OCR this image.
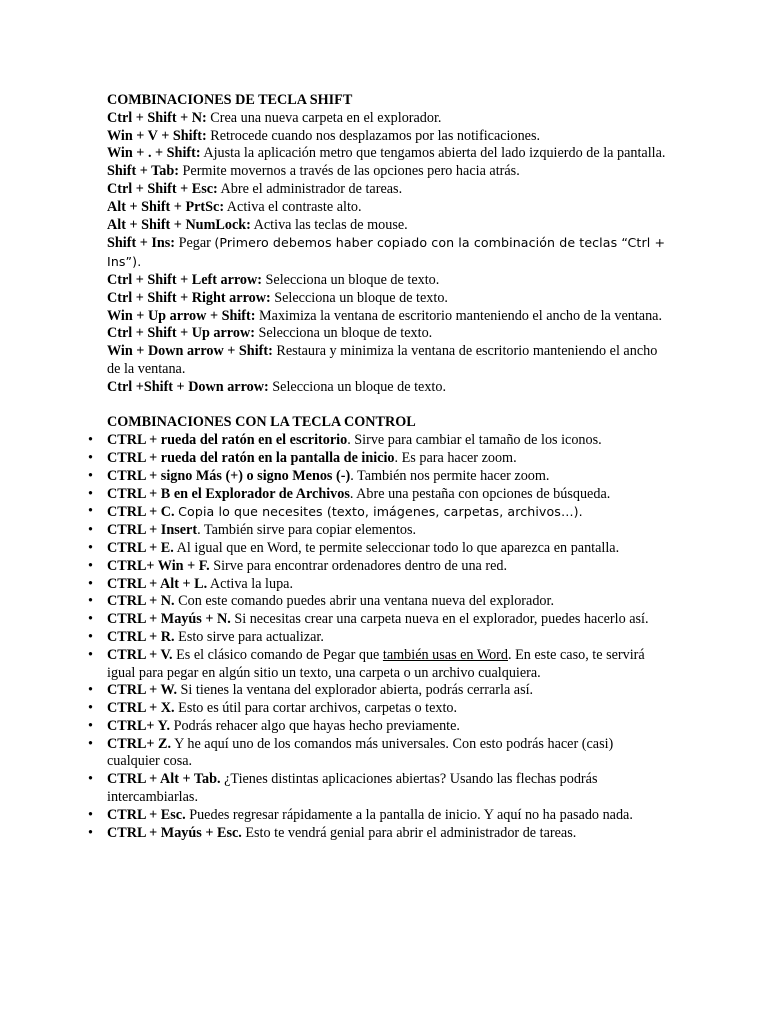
COMBINACIONES DE TECLA SHIFT

Ctrl + Shift + N: Crea una nueva carpeta en el explorador.
Win + V + Shift: Retrocede cuando nos desplazamos por las notificaciones.
Win + . + Shift: Ajusta la aplicación metro que tengamos abierta del lado izquierdo de la pantalla.
Shift + Tab: Permite movernos a través de las opciones pero hacia atrás.
Ctrl + Shift + Esc: Abre el administrador de tareas.
Alt + Shift + PrtSc: Activa el contraste alto.
Alt + Shift + NumLock: Activa las teclas de mouse.
Shift + Ins: Pegar (Primero debemos haber copiado con la combinación de teclas “Ctrl + Ins”).
Ctrl + Shift + Left arrow: Selecciona un bloque de texto.
Ctrl + Shift + Right arrow: Selecciona un bloque de texto.
Win + Up arrow + Shift: Maximiza la ventana de escritorio manteniendo el ancho de la ventana.
Ctrl + Shift + Up arrow: Selecciona un bloque de texto.
Win + Down arrow + Shift: Restaura y minimiza la ventana de escritorio manteniendo el ancho de la ventana.
Ctrl +Shift + Down arrow: Selecciona un bloque de texto.

COMBINACIONES CON LA TECLA CONTROL

• CTRL + rueda del ratón en el escritorio. Sirve para cambiar el tamaño de los iconos.
• CTRL + rueda del ratón en la pantalla de inicio. Es para hacer zoom.
• CTRL + signo Más (+) o signo Menos (-). También nos permite hacer zoom.
• CTRL + B en el Explorador de Archivos. Abre una pestaña con opciones de búsqueda.
• CTRL + C. Copia lo que necesites (texto, imágenes, carpetas, archivos…).
• CTRL + Insert. También sirve para copiar elementos.
• CTRL + E. Al igual que en Word, te permite seleccionar todo lo que aparezca en pantalla.
• CTRL+ Win + F. Sirve para encontrar ordenadores dentro de una red.
• CTRL + Alt + L. Activa la lupa.
• CTRL + N. Con este comando puedes abrir una ventana nueva del explorador.
• CTRL + Mayús + N. Si necesitas crear una carpeta nueva en el explorador, puedes hacerlo así.
• CTRL + R. Esto sirve para actualizar.
• CTRL + V. Es el clásico comando de Pegar que también usas en Word. En este caso, te servirá igual para pegar en algún sitio un texto, una carpeta o un archivo cualquiera.
• CTRL + W. Si tienes la ventana del explorador abierta, podrás cerrarla así.
• CTRL + X. Esto es útil para cortar archivos, carpetas o texto.
• CTRL+ Y. Podrás rehacer algo que hayas hecho previamente.
• CTRL+ Z. Y he aquí uno de los comandos más universales. Con esto podrás hacer (casi) cualquier cosa.
• CTRL + Alt + Tab. ¿Tienes distintas aplicaciones abiertas? Usando las flechas podrás intercambiarlas.
• CTRL + Esc. Puedes regresar rápidamente a la pantalla de inicio. Y aquí no ha pasado nada.
• CTRL + Mayús + Esc. Esto te vendrá genial para abrir el administrador de tareas.
